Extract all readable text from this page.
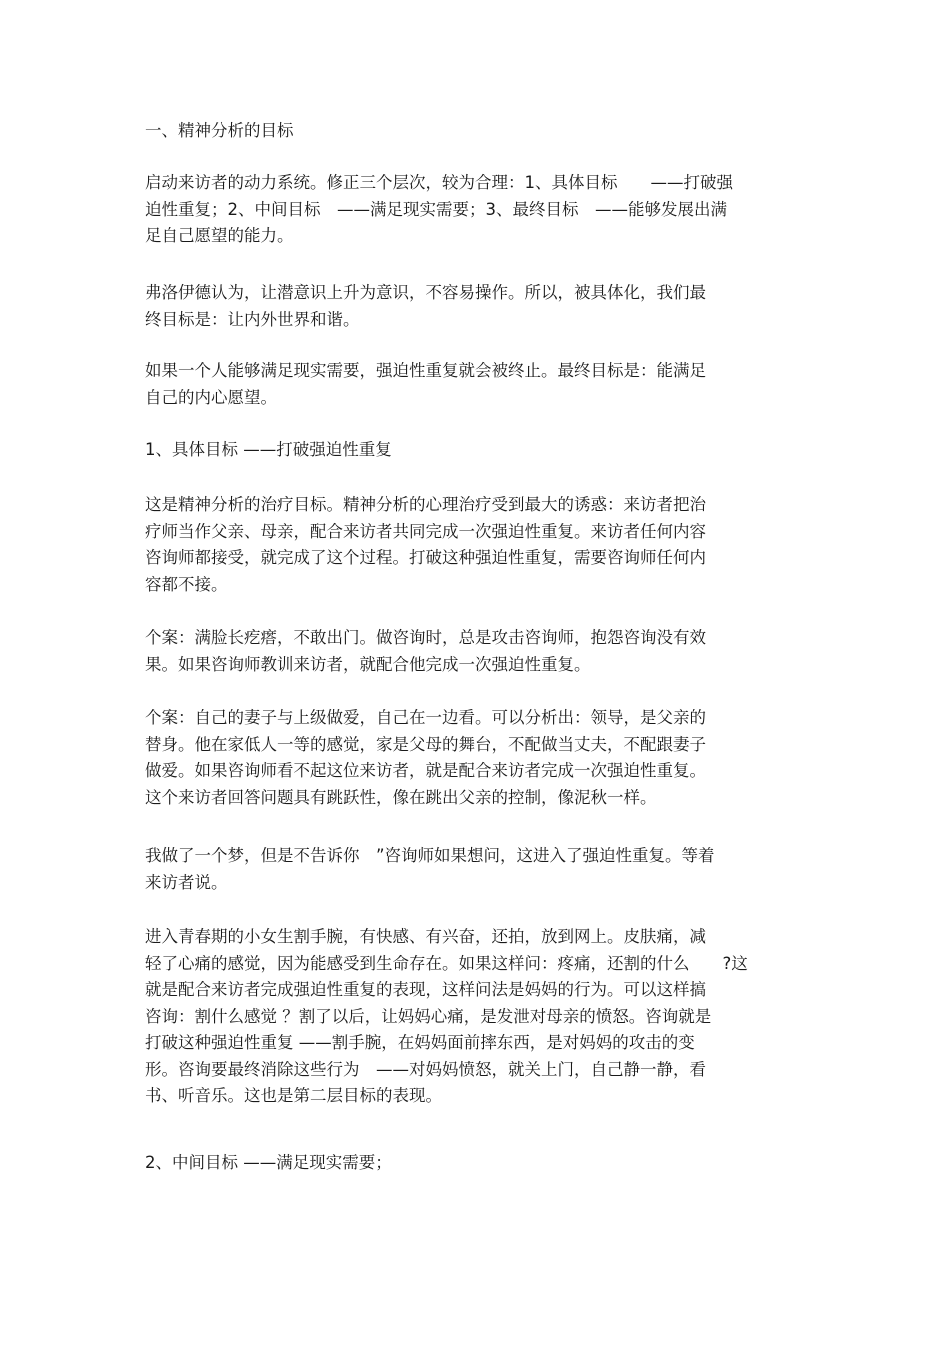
一、精神分析的目标
启动来访者的动力系统。修正三个层次，较为合理：1、具体目标　　——打破强
迫性重复；2、中间目标　——满足现实需要；3、最终目标　——能够发展出满
足自己愿望的能力。
弗洛伊德认为，让潜意识上升为意识，不容易操作。所以，被具体化，我们最
终目标是：让内外世界和谐。
如果一个人能够满足现实需要，强迫性重复就会被终止。最终目标是：能满足
自己的内心愿望。
1、具体目标 ——打破强迫性重复
这是精神分析的治疗目标。精神分析的心理治疗受到最大的诱惑：来访者把治
疗师当作父亲、母亲，配合来访者共同完成一次强迫性重复。来访者任何内容
咨询师都接受，就完成了这个过程。打破这种强迫性重复，需要咨询师任何内
容都不接。
个案：满脸长疙瘩，不敢出门。做咨询时，总是攻击咨询师，抱怨咨询没有效
果。如果咨询师教训来访者，就配合他完成一次强迫性重复。
个案：自己的妻子与上级做爱，自己在一边看。可以分析出：领导，是父亲的
替身。他在家低人一等的感觉，家是父母的舞台，不配做当丈夫，不配跟妻子
做爱。如果咨询师看不起这位来访者，就是配合来访者完成一次强迫性重复。
这个来访者回答问题具有跳跃性，像在跳出父亲的控制，像泥秋一样。
我做了一个梦，但是不告诉你　”咨询师如果想问，这进入了强迫性重复。等着
来访者说。
进入青春期的小女生割手腕，有快感、有兴奋，还拍，放到网上。皮肤痛，减
轻了心痛的感觉，因为能感受到生命存在。如果这样问：疼痛，还割的什么　　?这
就是配合来访者完成强迫性重复的表现，这样问法是妈妈的行为。可以这样搞
咨询：割什么感觉 ？割了以后，让妈妈心痛，是发泄对母亲的愤怒。咨询就是
打破这种强迫性重复 ——割手腕，在妈妈面前摔东西，是对妈妈的攻击的变
形。咨询要最终消除这些行为　——对妈妈愤怒，就关上门，自己静一静，看
书、听音乐。这也是第二层目标的表现。
2、中间目标 ——满足现实需要；
